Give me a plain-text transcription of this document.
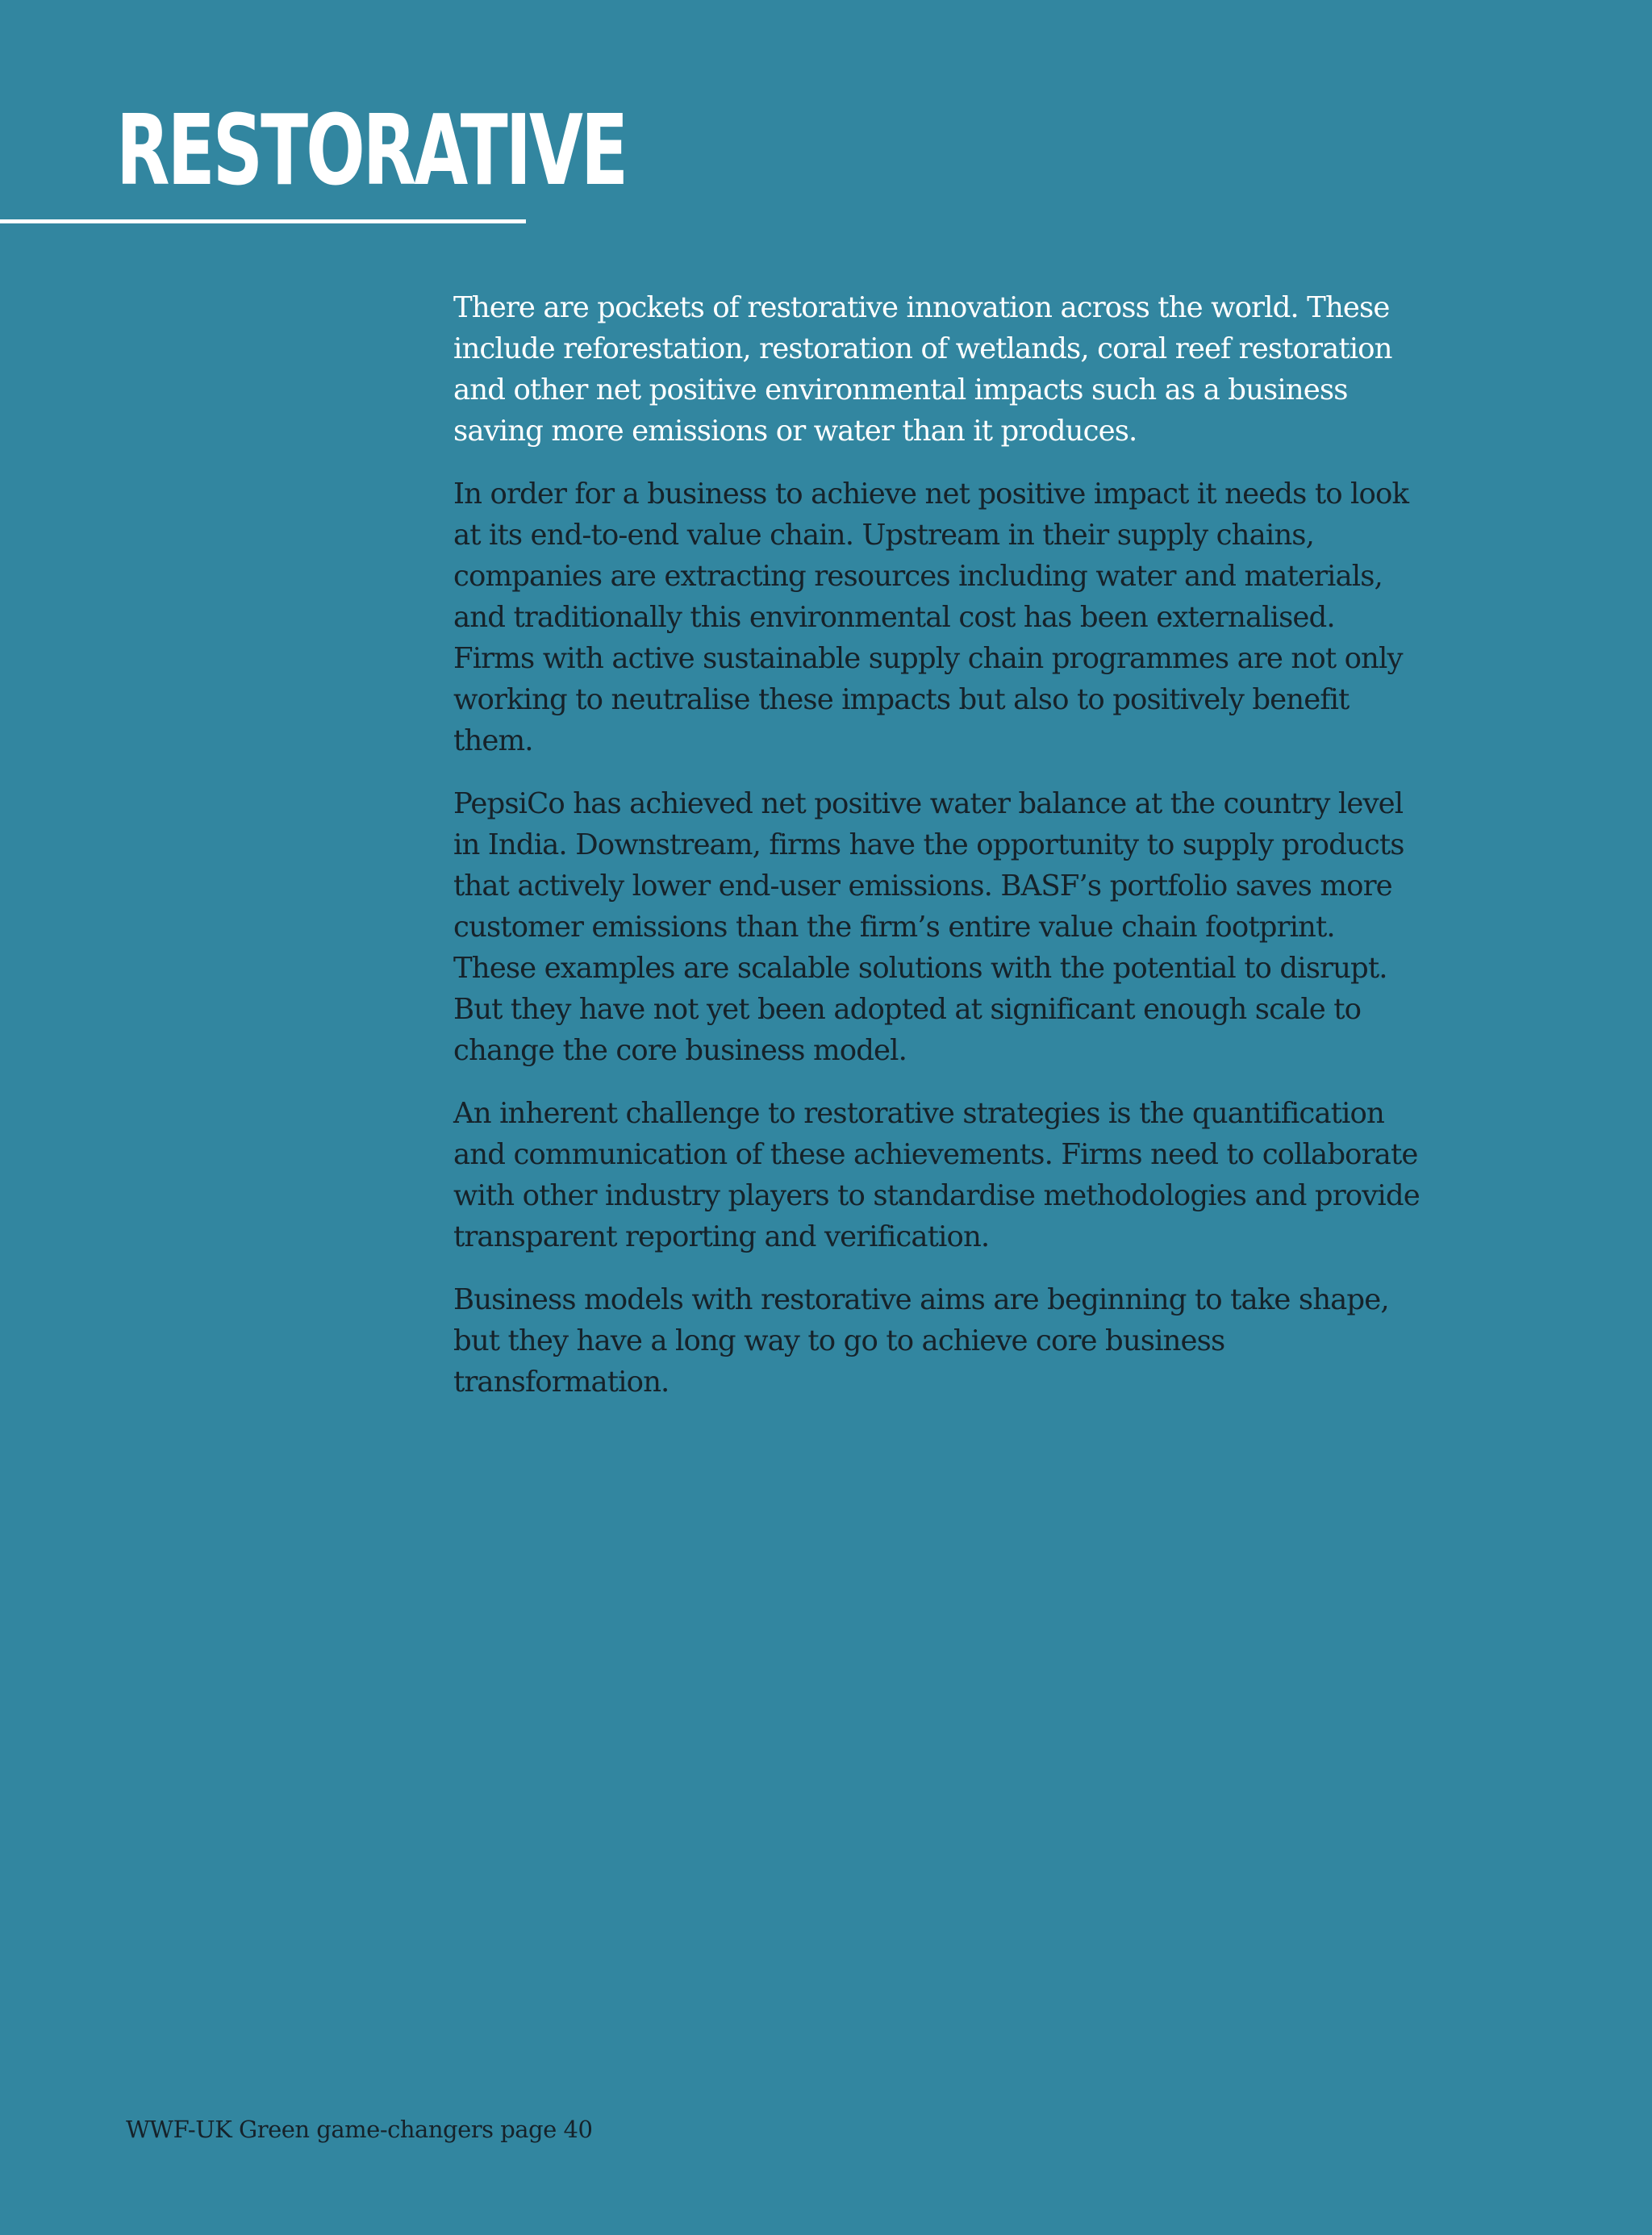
RESTORATIVE

There are pockets of restorative innovation across the world. These include reforestation, restoration of wetlands, coral reef restoration and other net positive environmental impacts such as a business saving more emissions or water than it produces.

In order for a business to achieve net positive impact it needs to look at its end-to-end value chain. Upstream in their supply chains, companies are extracting resources including water and materials, and traditionally this environmental cost has been externalised. Firms with active sustainable supply chain programmes are not only working to neutralise these impacts but also to positively benefit them.

PepsiCo has achieved net positive water balance at the country level in India. Downstream, firms have the opportunity to supply products that actively lower end-user emissions. BASF’s portfolio saves more customer emissions than the firm’s entire value chain footprint. These examples are scalable solutions with the potential to disrupt. But they have not yet been adopted at significant enough scale to change the core business model.

An inherent challenge to restorative strategies is the quantification and communication of these achievements. Firms need to collaborate with other industry players to standardise methodologies and provide transparent reporting and verification.

Business models with restorative aims are beginning to take shape, but they have a long way to go to achieve core business transformation.

WWF-UK Green game-changers page 40
